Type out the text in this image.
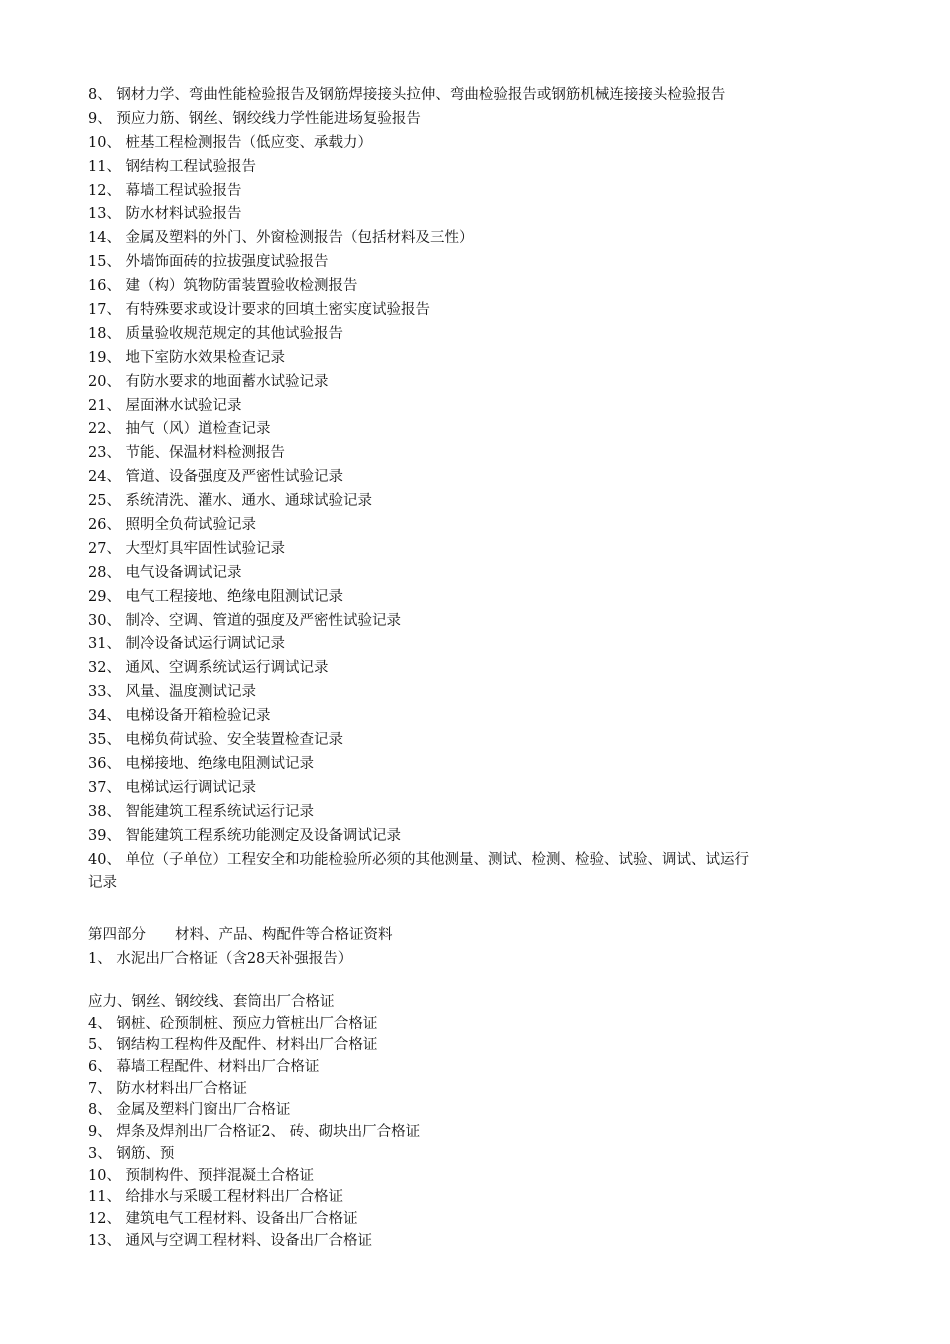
8、 钢材力学、弯曲性能检验报告及钢筋焊接接头拉伸、弯曲检验报告或钢筋机械连接接头检验报告
9、 预应力筋、钢丝、钢绞线力学性能进场复验报告
10、 桩基工程检测报告（低应变、承载力）
11、 钢结构工程试验报告
12、 幕墙工程试验报告
13、 防水材料试验报告
14、 金属及塑料的外门、外窗检测报告（包括材料及三性）
15、 外墙饰面砖的拉拔强度试验报告
16、 建（构）筑物防雷装置验收检测报告
17、 有特殊要求或设计要求的回填土密实度试验报告
18、 质量验收规范规定的其他试验报告
19、 地下室防水效果检查记录
20、 有防水要求的地面蓄水试验记录
21、 屋面淋水试验记录
22、 抽气（风）道检查记录
23、 节能、保温材料检测报告
24、 管道、设备强度及严密性试验记录
25、 系统清洗、灌水、通水、通球试验记录
26、 照明全负荷试验记录
27、 大型灯具牢固性试验记录
28、 电气设备调试记录
29、 电气工程接地、绝缘电阻测试记录
30、 制冷、空调、管道的强度及严密性试验记录
31、 制冷设备试运行调试记录
32、 通风、空调系统试运行调试记录
33、 风量、温度测试记录
34、 电梯设备开箱检验记录
35、 电梯负荷试验、安全装置检查记录
36、 电梯接地、绝缘电阻测试记录
37、 电梯试运行调试记录
38、 智能建筑工程系统试运行记录
39、 智能建筑工程系统功能测定及设备调试记录
40、 单位（子单位）工程安全和功能检验所必须的其他测量、测试、检测、检验、试验、调试、试运行
记录
第四部分　　材料、产品、构配件等合格证资料
1、 水泥出厂合格证（含28天补强报告）
应力、钢丝、钢绞线、套筒出厂合格证
4、 钢桩、砼预制桩、预应力管桩出厂合格证
5、 钢结构工程构件及配件、材料出厂合格证
6、 幕墙工程配件、材料出厂合格证
7、 防水材料出厂合格证
8、 金属及塑料门窗出厂合格证
9、 焊条及焊剂出厂合格证2、 砖、砌块出厂合格证
3、 钢筋、预
10、 预制构件、预拌混凝土合格证
11、 给排水与采暖工程材料出厂合格证
12、 建筑电气工程材料、设备出厂合格证
13、 通风与空调工程材料、设备出厂合格证
